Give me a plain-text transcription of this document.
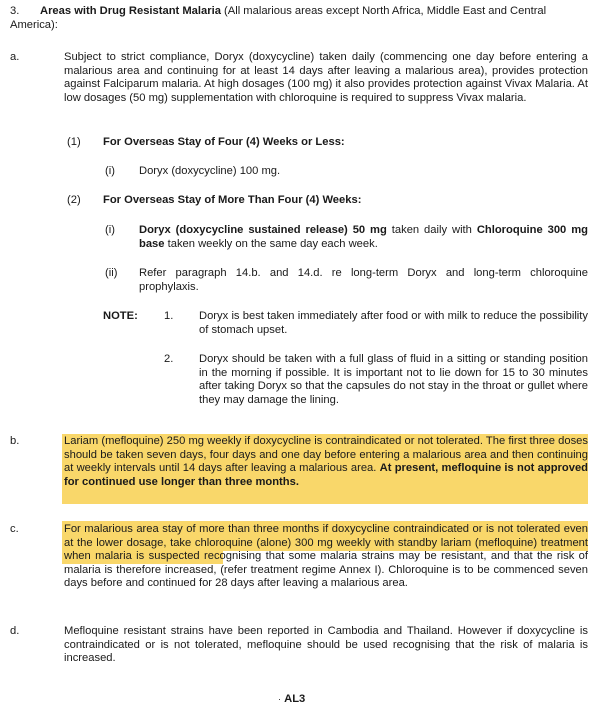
3. Areas with Drug Resistant Malaria (All malarious areas except North Africa, Middle East and Central America):
a.	Subject to strict compliance, Doryx (doxycycline) taken daily (commencing one day before entering a malarious area and continuing for at least 14 days after leaving a malarious area), provides protection against Falciparum malaria. At high dosages (100 mg) it also provides protection against Vivax Malaria. At low dosages (50 mg) supplementation with chloroquine is required to suppress Vivax malaria.
(1) For Overseas Stay of Four (4) Weeks or Less:
(i) Doryx (doxycycline) 100 mg.
(2) For Overseas Stay of More Than Four (4) Weeks:
(i) Doryx (doxycycline sustained release) 50 mg taken daily with Chloroquine 300 mg base taken weekly on the same day each week.
(ii) Refer paragraph 14.b. and 14.d. re long-term Doryx and long-term chloroquine prophylaxis.
NOTE: 1. Doryx is best taken immediately after food or with milk to reduce the possibility of stomach upset.
2. Doryx should be taken with a full glass of fluid in a sitting or standing position in the morning if possible. It is important not to lie down for 15 to 30 minutes after taking Doryx so that the capsules do not stay in the throat or gullet where they may damage the lining.
b.	Lariam (mefloquine) 250 mg weekly if doxycycline is contraindicated or not tolerated. The first three doses should be taken seven days, four days and one day before entering a malarious area and then continuing at weekly intervals until 14 days after leaving a malarious area. At present, mefloquine is not approved for continued use longer than three months.
c.	For malarious area stay of more than three months if doxycycline contraindicated or is not tolerated even at the lower dosage, take chloroquine (alone) 300 mg weekly with standby lariam (mefloquine) treatment when malaria is suspected recognising that some malaria strains may be resistant, and that the risk of malaria is therefore increased, (refer treatment regime Annex I). Chloroquine is to be commenced seven days before and continued for 28 days after leaving a malarious area.
d.	Mefloquine resistant strains have been reported in Cambodia and Thailand. However if doxycycline is contraindicated or is not tolerated, mefloquine should be used recognising that the risk of malaria is increased.
· AL3
